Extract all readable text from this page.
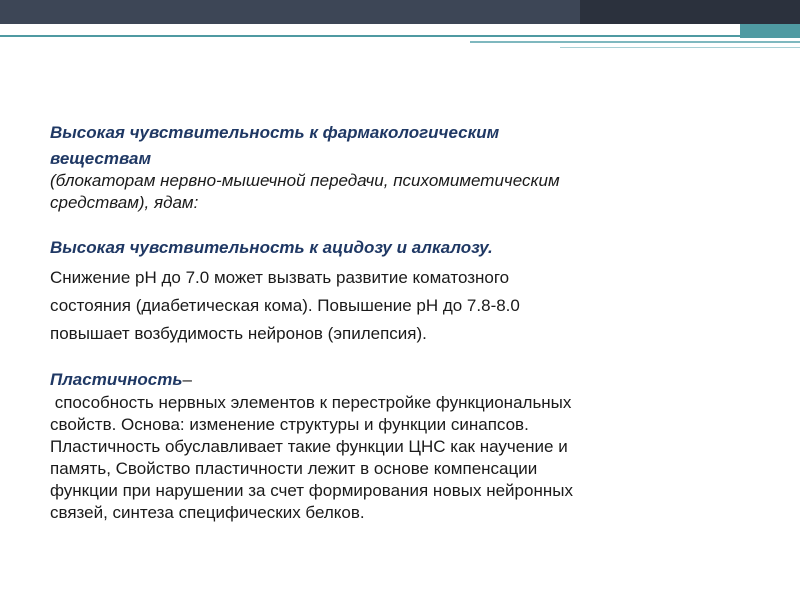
Высокая чувствительность к фармакологическим

веществам

(блокаторам нервно-мышечной передачи, психомиметическим

средствам), ядам:

Высокая чувствительность к ацидозу и алкалозу.

Снижение рН до 7.0 может вызвать развитие коматозного

состояния (диабетическая кома). Повышение рН до 7.8-8.0

повышает возбудимость нейронов (эпилепсия).

Пластичность–

способность нервных элементов к перестройке функциональных

свойств. Основа: изменение структуры и функции синапсов.

Пластичность обуславливает такие функции ЦНС как научение и

память, Свойство пластичности лежит в основе компенсации

функции при нарушении за счет формирования новых нейронных

связей, синтеза специфических белков.
